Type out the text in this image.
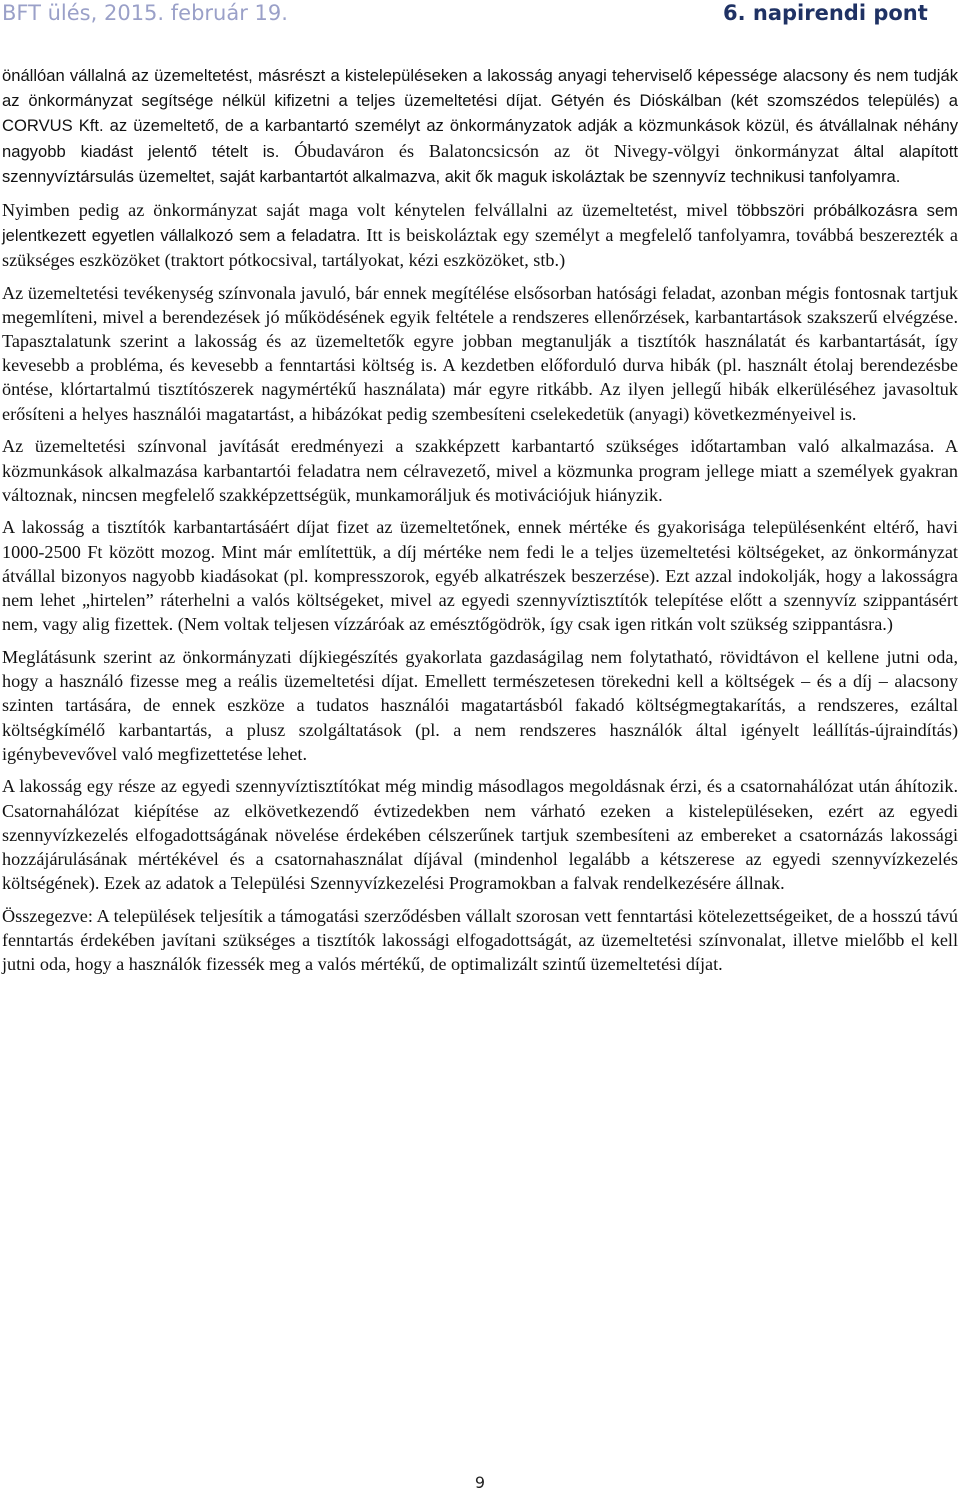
BFT ülés, 2015. február 19.	6. napirendi pont

önállóan vállalná az üzemeltetést, másrészt a kistelepüléseken a lakosság anyagi teherviselő képessége alacsony és nem tudják az önkormányzat segítsége nélkül kifizetni a teljes üzemeltetési díjat. Gétyén és Dióskálban (két szomszédos település) a CORVUS Kft. az üzemeltető, de a karbantartó személyt az önkormányzatok adják a közmunkások közül, és átvállalnak néhány nagyobb kiadást jelentő tételt is. Óbudaváron és Balatoncsicsón az öt Nivegy-völgyi önkormányzat által alapított szennyvíztársulás üzemeltet, saját karbantartót alkalmazva, akit ők maguk iskoláztak be szennyvíz technikusi tanfolyamra.

Nyimben pedig az önkormányzat saját maga volt kénytelen felvállalni az üzemeltetést, mivel többszöri próbálkozásra sem jelentkezett egyetlen vállalkozó sem a feladatra. Itt is beiskoláztak egy személyt a megfelelő tanfolyamra, továbbá beszerezték a szükséges eszközöket (traktort pótkocsival, tartályokat, kézi eszközöket, stb.)

Az üzemeltetési tevékenység színvonala javuló, bár ennek megítélése elsősorban hatósági feladat, azonban mégis fontosnak tartjuk megemlíteni, mivel a berendezések jó működésének egyik feltétele a rendszeres ellenőrzések, karbantartások szakszerű elvégzése. Tapasztalatunk szerint a lakosság és az üzemeltetők egyre jobban megtanulják a tisztítók használatát és karbantartását, így kevesebb a probléma, és kevesebb a fenntartási költség is. A kezdetben előforduló durva hibák (pl. használt étolaj berendezésbe öntése, klórtartalmú tisztítószerek nagymértékű használata) már egyre ritkább. Az ilyen jellegű hibák elkerüléséhez javasoltuk erősíteni a helyes használói magatartást, a hibázókat pedig szembesíteni cselekedetük (anyagi) következményeivel is.

Az üzemeltetési színvonal javítását eredményezi a szakképzett karbantartó szükséges időtartamban való alkalmazása. A közmunkások alkalmazása karbantartói feladatra nem célravezető, mivel a közmunka program jellege miatt a személyek gyakran változnak, nincsen megfelelő szakképzettségük, munkamoráljuk és motivációjuk hiányzik.

A lakosság a tisztítók karbantartásáért díjat fizet az üzemeltetőnek, ennek mértéke és gyakorisága településenként eltérő, havi 1000-2500 Ft között mozog. Mint már említettük, a díj mértéke nem fedi le a teljes üzemeltetési költségeket, az önkormányzat átvállal bizonyos nagyobb kiadásokat (pl. kompresszorok, egyéb alkatrészek beszerzése). Ezt azzal indokolják, hogy a lakosságra nem lehet „hirtelen” ráterhelni a valós költségeket, mivel az egyedi szennyvíztisztítók telepítése előtt a szennyvíz szippantásért nem, vagy alig fizettek. (Nem voltak teljesen vízzáróak az emésztőgödrök, így csak igen ritkán volt szükség szippantásra.)

Meglátásunk szerint az önkormányzati díjkiegészítés gyakorlata gazdaságilag nem folytatható, rövidtávon el kellene jutni oda, hogy a használó fizesse meg a reális üzemeltetési díjat. Emellett természetesen törekedni kell a költségek – és a díj – alacsony szinten tartására, de ennek eszköze a tudatos használói magatartásból fakadó költségmegtakarítás, a rendszeres, ezáltal költségkímélő karbantartás, a plusz szolgáltatások (pl. a nem rendszeres használók által igényelt leállítás-újraindítás) igénybevevővel való megfizettetése lehet.

A lakosság egy része az egyedi szennyvíztisztítókat még mindig másodlagos megoldásnak érzi, és a csatornahálózat után áhítozik. Csatornahálózat kiépítése az elkövetkezendő évtizedekben nem várható ezeken a kistelepüléseken, ezért az egyedi szennyvízkezelés elfogadottságának növelése érdekében célszerűnek tartjuk szembesíteni az embereket a csatornázás lakossági hozzájárulásának mértékével és a csatornahasználat díjával (mindenhol legalább a kétszerese az egyedi szennyvízkezelés költségének). Ezek az adatok a Települési Szennyvízkezelési Programokban a falvak rendelkezésére állnak.

Összegezve: A települések teljesítik a támogatási szerződésben vállalt szorosan vett fenntartási kötelezettségeiket, de a hosszú távú fenntartás érdekében javítani szükséges a tisztítók lakossági elfogadottságát, az üzemeltetési színvonalat, illetve mielőbb el kell jutni oda, hogy a használók fizessék meg a valós mértékű, de optimalizált szintű üzemeltetési díjat.

9
